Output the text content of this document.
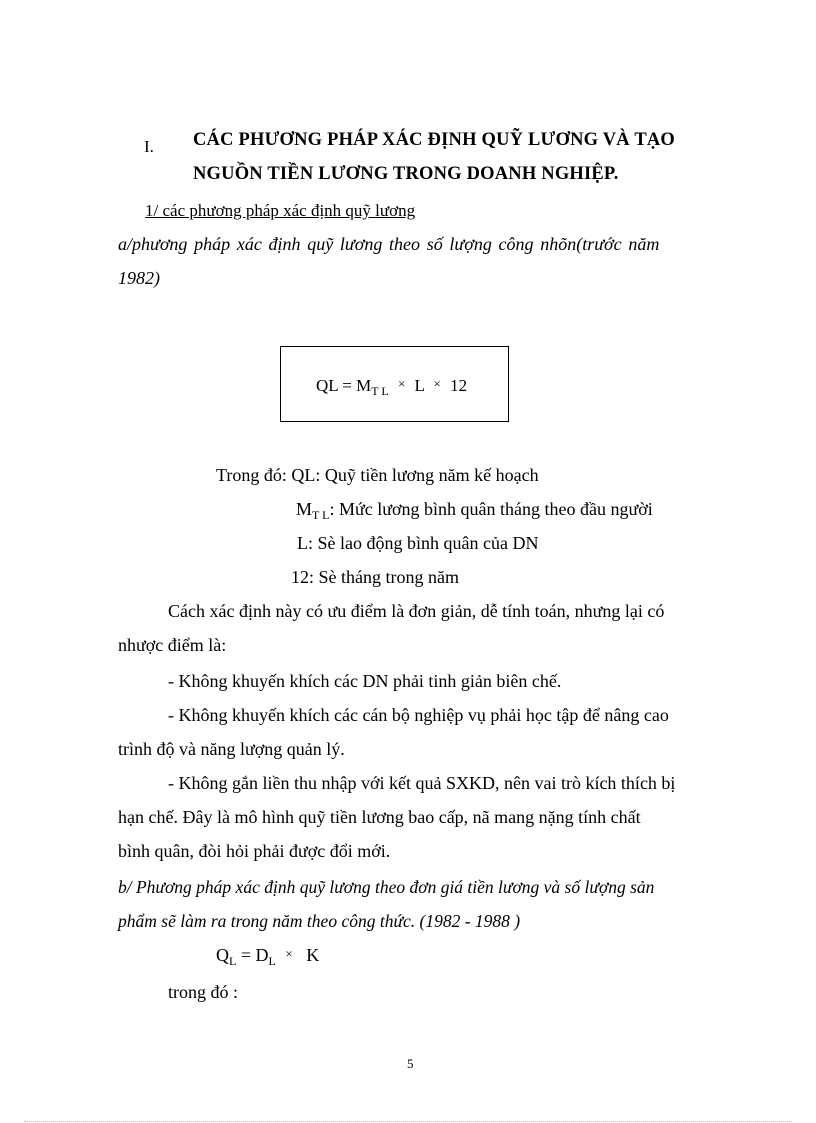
I. CÁC PHƯƠNG PHÁP XÁC ĐỊNH QUỸ LƯƠNG VÀ TẠO
NGUỒN TIỀN LƯƠNG TRONG DOANH NGHIỆP.
1/ các phương pháp xác định quỹ lương
a/phương pháp xác định quỹ lương theo số lượng công nhõn(trước năm
1982)
QL = $M_{T L} \times L \times 12$
Trong đó: QL: Quỹ tiền lương năm kế hoạch
$M_{T L}$: Mức lương bình quân tháng theo đầu người
L: Sè lao động bình quân của DN
12: Sè tháng trong năm
Cách xác định này có ưu điểm là đơn giản, dễ tính toán, nhưng lại có
nhược điểm là:
- Không khuyến khích các DN phải tinh giản biên chế.
- Không khuyến khích các cán bộ nghiệp vụ phải học tập để nâng cao
trình độ và năng lượng quản lý.
- Không gắn liền thu nhập với kết quả SXKD, nên vai trò kích thích bị
hạn chế. Đây là mô hình quỹ tiền lương bao cấp, nã mang nặng tính chất
bình quân, đòi hỏi phải được đổi mới.
b/ Phương pháp xác định quỹ lương theo đơn giá tiền lương và số lượng sản
phẩm sẽ làm ra trong năm theo công thức. (1982 - 1988 )
$Q_L = D_L \times K$
trong đó :
5
